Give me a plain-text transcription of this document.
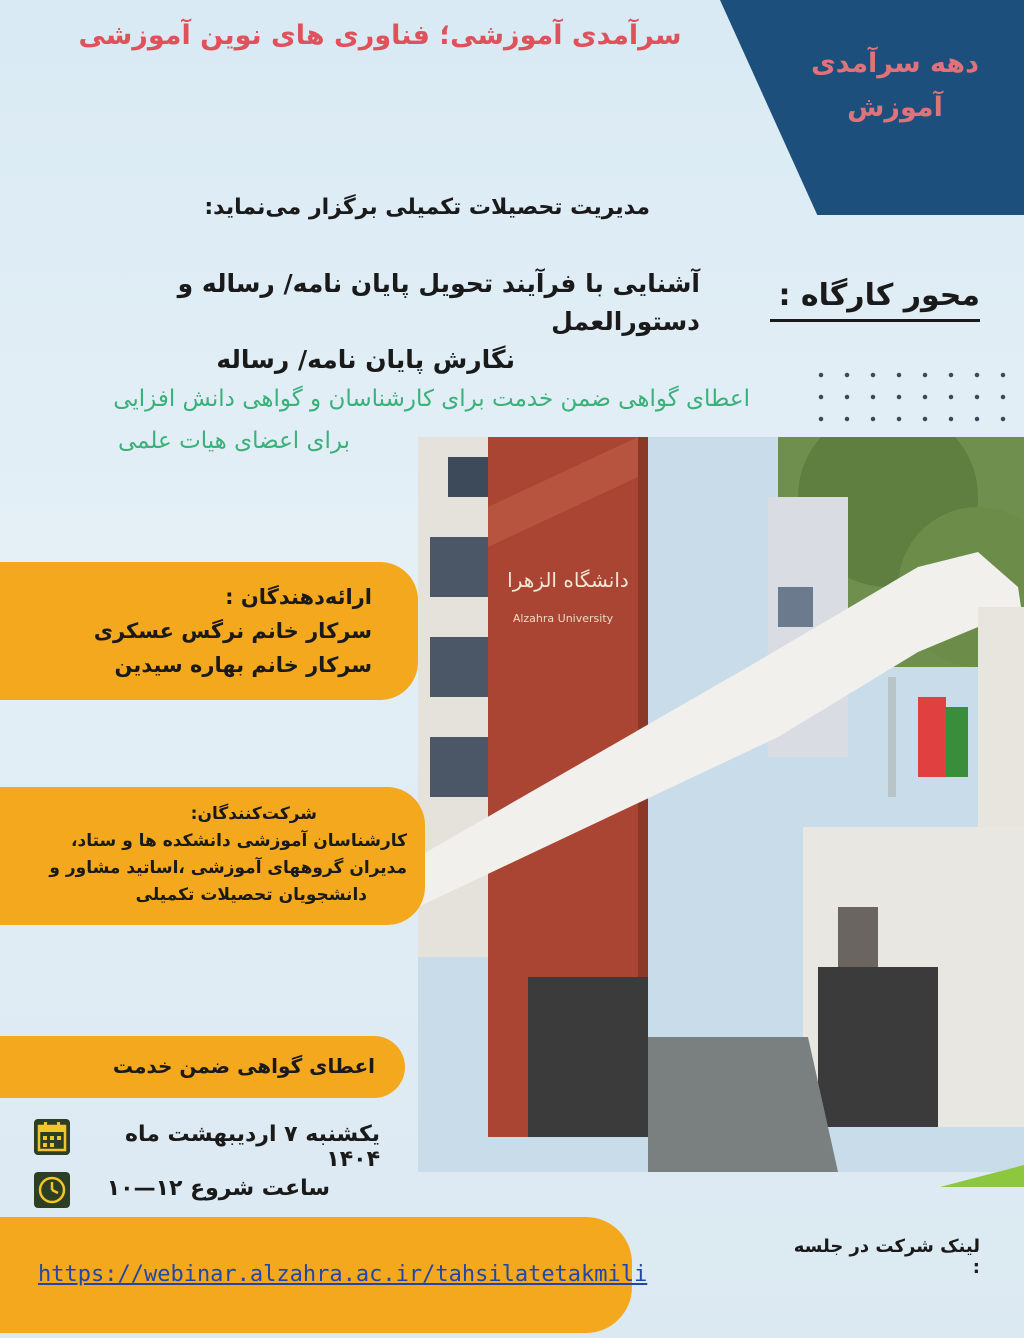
دهه سرآمدی
آموزش
سرآمدی آموزشی؛ فناوری های نوین آموزشی
مدیریت تحصیلات تکمیلی برگزار می‌نماید:
محور کارگاه :
آشنایی با فرآیند تحویل پایان نامه/ رساله و دستورالعمل
نگارش پایان نامه/ رساله
اعطای گواهی ضمن خدمت برای کارشناسان و گواهی دانش افزایی
برای اعضای هیات علمی
دانشگاه الزهرا
Alzahra University
ارائه‌دهندگان :
سرکار خانم نرگس عسکری
سرکار خانم بهاره سیدین
شرکت‌کنندگان:
کارشناسان آموزشی دانشکده ها و ستاد،
مدیران گروههای آموزشی ،اساتید مشاور و
دانشجویان تحصیلات تکمیلی
اعطای گواهی ضمن خدمت
یکشنبه ۷ اردیبهشت ماه ۱۴۰۴
ساعت شروع ۱۲—۱۰
لینک شرکت در جلسه :
https://webinar.alzahra.ac.ir/tahsilatetakmili
